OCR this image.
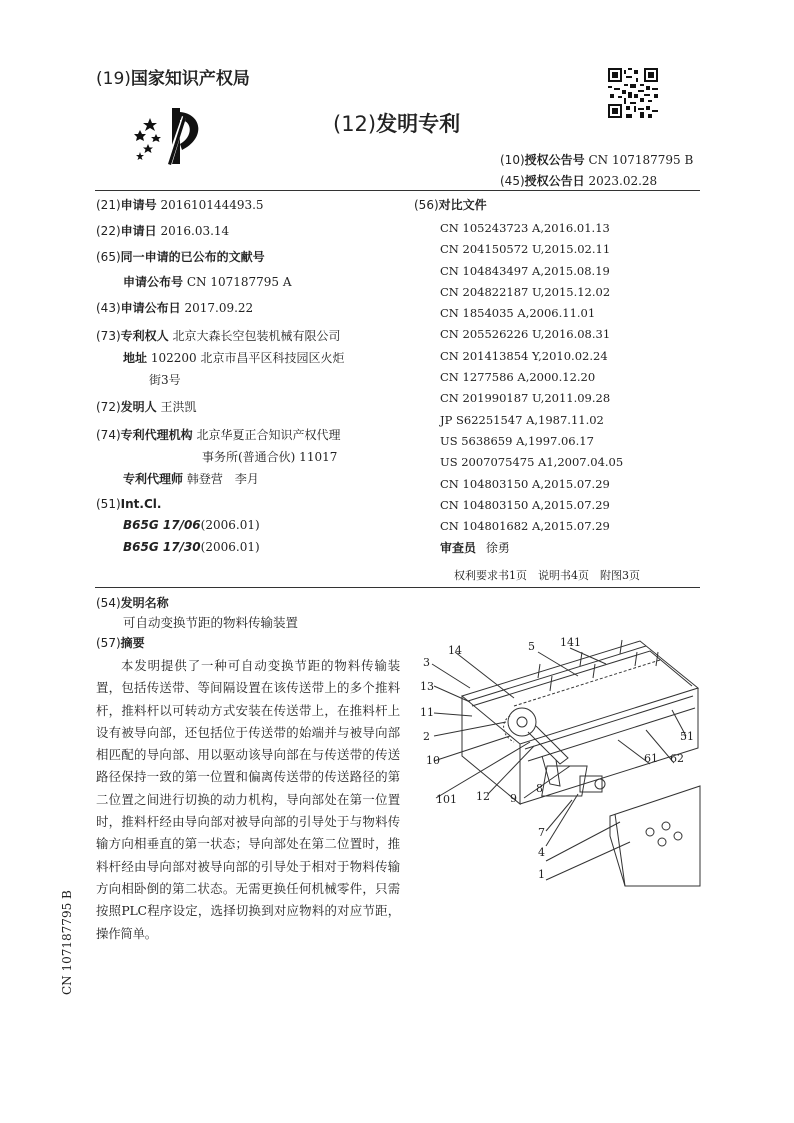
(19)国家知识产权局
(12)发明专利
(10)授权公告号 CN 107187795 B
(45)授权公告日 2023.02.28
(21)申请号 201610144493.5
(22)申请日 2016.03.14
(65)同一申请的已公布的文献号
申请公布号 CN 107187795 A
(43)申请公布日 2017.09.22
(73)专利权人 北京大森长空包装机械有限公司
地址 102200 北京市昌平区科技园区火炬
街3号
(72)发明人 王洪凯
(74)专利代理机构 北京华夏正合知识产权代理
事务所(普通合伙) 11017
专利代理师 韩登营　李月
(51)Int.Cl.
B65G 17/06(2006.01)
B65G 17/30(2006.01)
(56)对比文件
CN 105243723 A,2016.01.13
CN 204150572 U,2015.02.11
CN 104843497 A,2015.08.19
CN 204822187 U,2015.12.02
CN 1854035 A,2006.11.01
CN 205526226 U,2016.08.31
CN 201413854 Y,2010.02.24
CN 1277586 A,2000.12.20
CN 201990187 U,2011.09.28
JP S62251547 A,1987.11.02
US 5638659 A,1997.06.17
US 2007075475 A1,2007.04.05
CN 104803150 A,2015.07.29
CN 104803150 A,2015.07.29
CN 104801682 A,2015.07.29
审查员 徐勇
权利要求书1页　说明书4页　附图3页
(54)发明名称
可自动变换节距的物料传输装置
(57)摘要
本发明提供了一种可自动变换节距的物料传输装置，包括传送带、等间隔设置在该传送带上的多个推料杆，推料杆以可转动方式安装在传送带上，在推料杆上设有被导向部，还包括位于传送带的始端并与被导向部相匹配的导向部、用以驱动该导向部在与传送带的传送路径保持一致的第一位置和偏离传送带的传送路径的第二位置之间进行切换的动力机构，导向部处在第一位置时，推料杆经由导向部对被导向部的引导处于与物料传输方向相垂直的第一状态；导向部处在第二位置时，推料杆经由导向部对被导向部的引导处于相对于物料传输方向相卧倒的第二状态。无需更换任何机械零件，只需按照PLC程序设定，选择切换到对应物料的对应节距，操作简单。
CN 107187795 B
3
14	5 141
13
11
2
10
101 12 9
8
7
4
1
61 62
51
